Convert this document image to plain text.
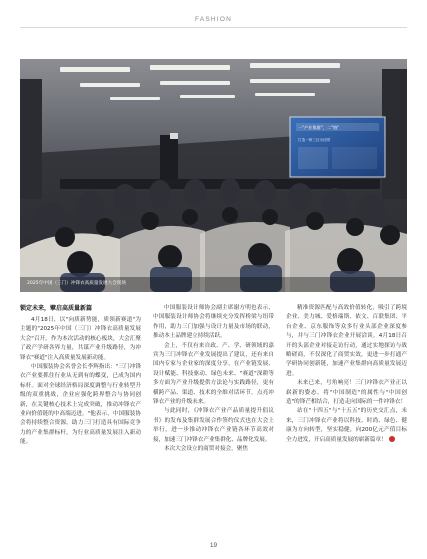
FASHION
一"产业集群"，二"链"
打造一核三区为纽带
2025年中国（三门）冲锋衣高质量发展大会现场
锁定未来，擘启高质量新篇

4月18日，以"向质新势能，质领新赛道"为主题的"2025年中国（三门）冲锋衣高质量发展大会"召开。作为本次活动的核心板块，大会汇聚了政产学研各界力量，共谋产业升级路径，为冲锋衣"赛道"注入高质量发展新动能。

中国服装协会名誉会长李辉指出："三门冲锋衣产业要抓住行业从无到有的蝶变，已成为国内标杆。面对全球经济格局深度调整与行业转型升级的双重挑战，企业应强化跨界整合与协同创新，在关键核心技术上完成突破，推动冲锋衣产业向价值链的中高端迈进。"他表示，中国服装协会将持续整合资源，助力三门打造具有国际竞争力的产业集群标杆，为行业高质量发展注入新动能。

中国服装设计师协会副主席谢方明也表示，中国服装设计师协会将继续充分发挥桥梁与纽带作用，助力三门加强与设计力量及市场的联动，推动本土品牌建立持续活跃。

会上，不仅有来自政、产、学、研领域的嘉宾为三门冲锋衣产业发展提出了建议，还有来自国内专家与企业家的深度分享。在产业链发展、设计赋能、科技驱动、绿色未来、"赛道"深耕等多方面为产业升级提供方法论与实践路径，更有横跨产品、渠道、技术的全维对话环节，点亮冲锋衣产业的升级未来。

与此同时，《冲锋衣产业产品质量提升倡议书》的发布及集群发展合作签约仪式也在大会上举行，进一步推动冲锋衣产业链各环节高效对接，加速三门冲锋衣产业集群化、品牌化发展。

本次大会设立的商贸对接会，聚焦

精准资源匹配与高效价值转化，吸引了跨境企业、美力城、爱格瑞斯、依文、百联集团、平台企业、京东服饰等众多行业头部企业深度参与，并与三门冲锋衣企业开展洽谈。4月18日召开的头部企业对接走访行动，通过实地探访与战略磋商，不仅深化了商贸实效，更进一步打通产学研协同创新链，加速产业集群向高质量发展迈进。

未来已来，号角响亮！三门冲锋衣产业正以崭新的姿态，将"中国制造"的属性与"中国创造"的锋芒相结合，打造走向国际的一件冲锋衣！

站在"十四五"与"十五五"的历史交汇点，未来，三门冲锋衣产业将以科技、时尚、绿色、健康为方向转型，坚实稳健，向200亿元产值目标全力进发，开启高质量发展的崭新篇章！

19
